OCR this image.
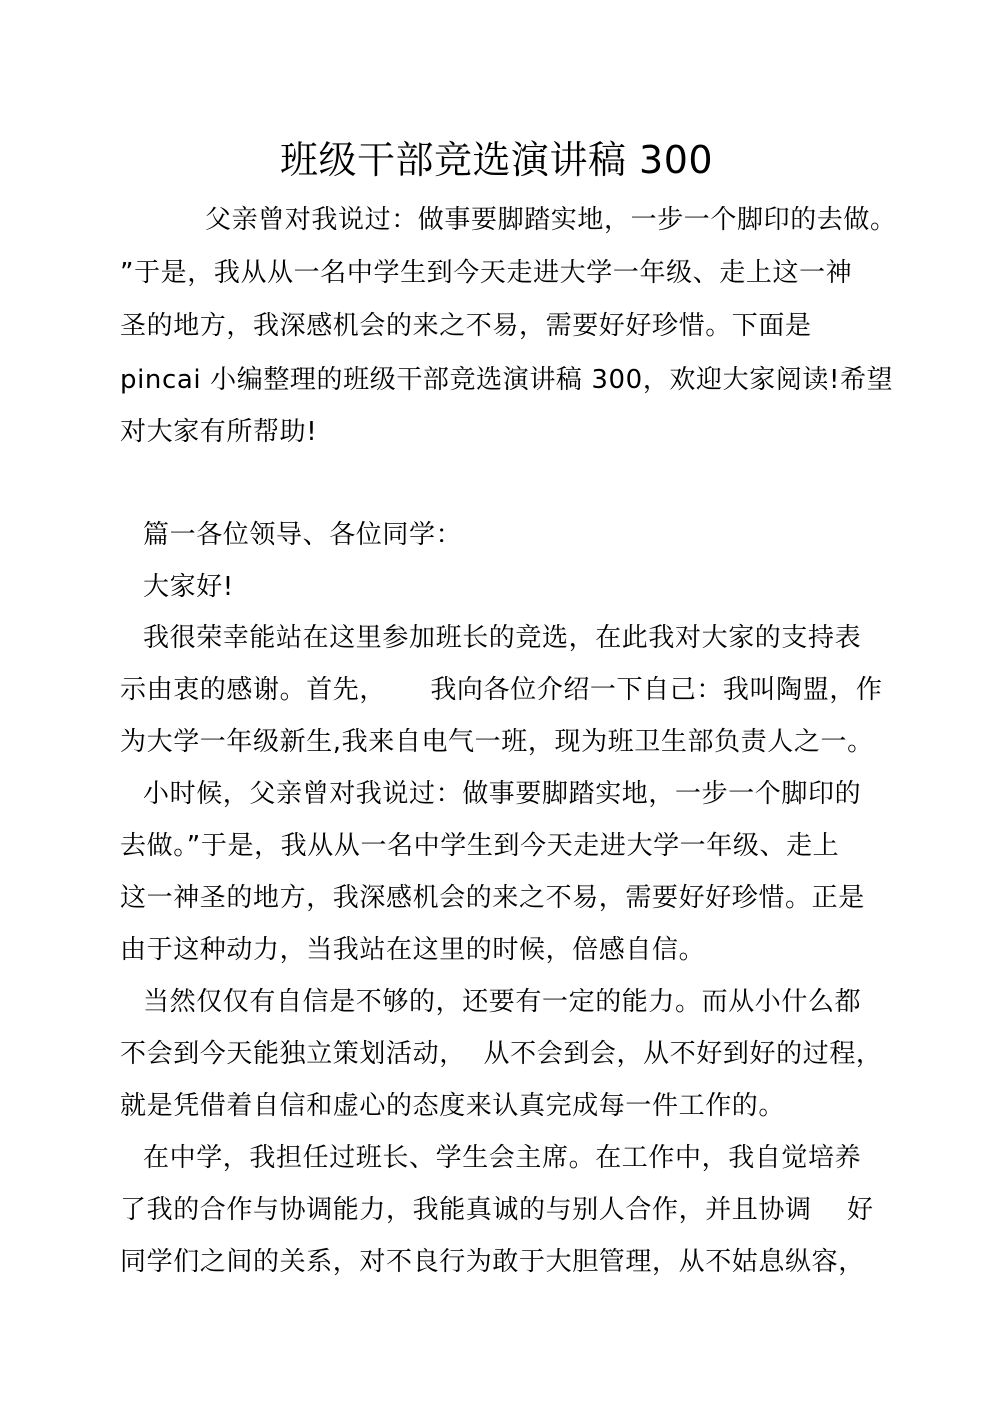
班级干部竞选演讲稿 300
父亲曾对我说过：做事要脚踏实地，一步一个脚印的去做。
”于是，我从从一名中学生到今天走进大学一年级、走上这一神
圣的地方，我深感机会的来之不易，需要好好珍惜。下面是
pincai 小编整理的班级干部竞选演讲稿 300，欢迎大家阅读!希望
对大家有所帮助!
篇一各位领导、各位同学：
大家好!
我很荣幸能站在这里参加班长的竞选，在此我对大家的支持表
示由衷的感谢。首先，     我向各位介绍一下自己：我叫陶盟，作
为大学一年级新生,我来自电气一班，现为班卫生部负责人之一。
小时候，父亲曾对我说过：做事要脚踏实地，一步一个脚印的
去做。”于是，我从从一名中学生到今天走进大学一年级、走上
这一神圣的地方，我深感机会的来之不易，需要好好珍惜。正是
由于这种动力，当我站在这里的时候，倍感自信。
当然仅仅有自信是不够的，还要有一定的能力。而从小什么都
不会到今天能独立策划活动，  从不会到会，从不好到好的过程，
就是凭借着自信和虚心的态度来认真完成每一件工作的。
在中学，我担任过班长、学生会主席。在工作中，我自觉培养
了我的合作与协调能力，我能真诚的与别人合作，并且协调    好
同学们之间的关系，对不良行为敢于大胆管理，从不姑息纵容，
